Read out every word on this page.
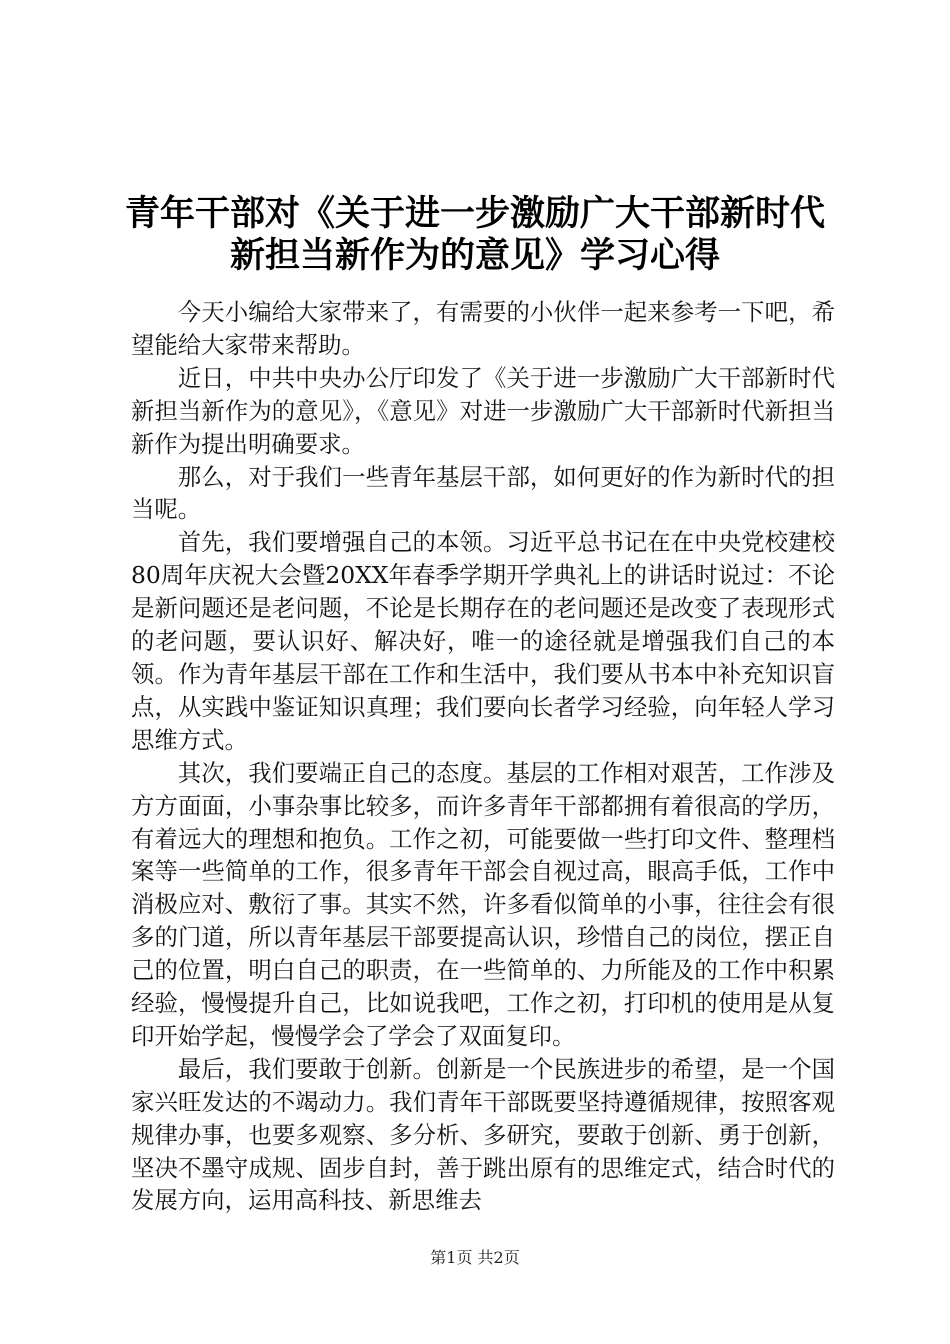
青年干部对《关于进一步激励广大干部新时代
新担当新作为的意见》学习心得

今天小编给大家带来了，有需要的小伙伴一起来参考一下吧，希望能给大家带来帮助。

近日，中共中央办公厅印发了《关于进一步激励广大干部新时代新担当新作为的意见》，《意见》对进一步激励广大干部新时代新担当新作为提出明确要求。

那么，对于我们一些青年基层干部，如何更好的作为新时代的担当呢。

首先，我们要增强自己的本领。习近平总书记在在中央党校建校80周年庆祝大会暨20XX年春季学期开学典礼上的讲话时说过：不论是新问题还是老问题，不论是长期存在的老问题还是改变了表现形式的老问题，要认识好、解决好，唯一的途径就是增强我们自己的本领。作为青年基层干部在工作和生活中，我们要从书本中补充知识盲点，从实践中鉴证知识真理；我们要向长者学习经验，向年轻人学习思维方式。

其次，我们要端正自己的态度。基层的工作相对艰苦，工作涉及方方面面，小事杂事比较多，而许多青年干部都拥有着很高的学历，有着远大的理想和抱负。工作之初，可能要做一些打印文件、整理档案等一些简单的工作，很多青年干部会自视过高，眼高手低，工作中消极应对、敷衍了事。其实不然，许多看似简单的小事，往往会有很多的门道，所以青年基层干部要提高认识，珍惜自己的岗位，摆正自己的位置，明白自己的职责，在一些简单的、力所能及的工作中积累经验，慢慢提升自己，比如说我吧，工作之初，打印机的使用是从复印开始学起，慢慢学会了学会了双面复印。

最后，我们要敢于创新。创新是一个民族进步的希望，是一个国家兴旺发达的不竭动力。我们青年干部既要坚持遵循规律，按照客观规律办事，也要多观察、多分析、多研究，要敢于创新、勇于创新，坚决不墨守成规、固步自封，善于跳出原有的思维定式，结合时代的发展方向，运用高科技、新思维去

第1页 共2页
